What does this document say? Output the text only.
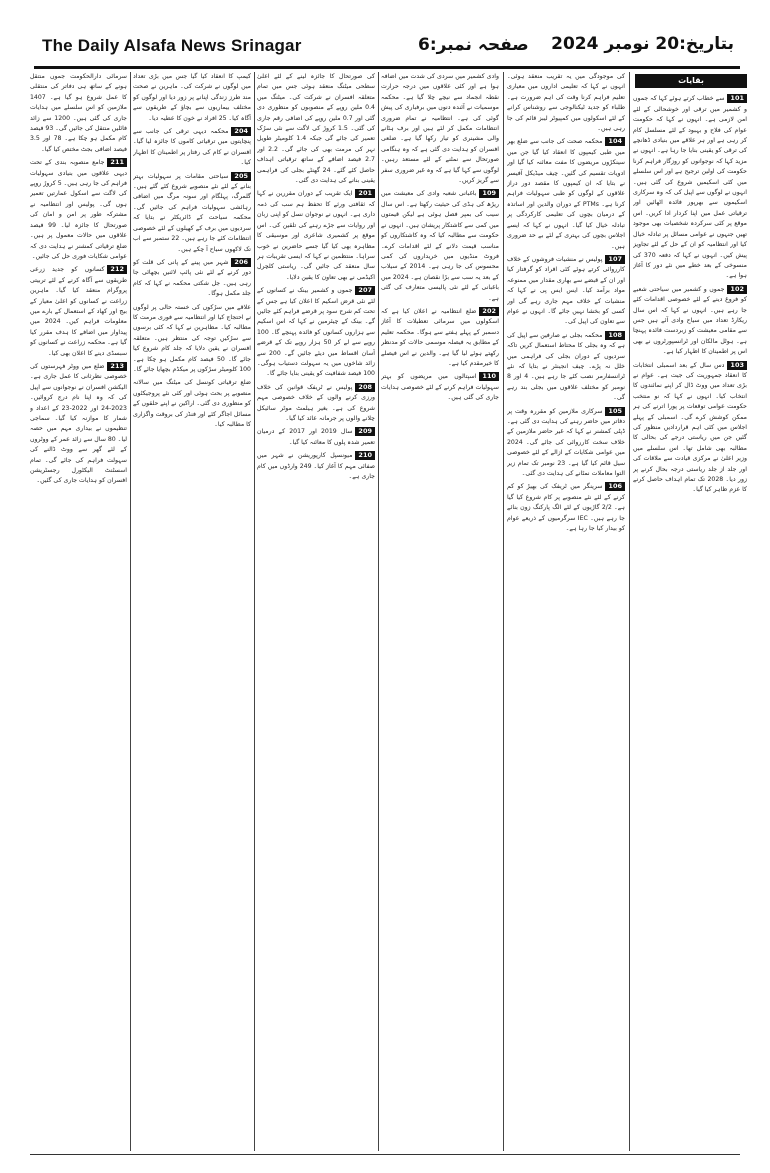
The Daily Alsafa News Srinagar	صفحہ نمبر:6 بتاریخ:20 نومبر 2024
بقایات

101سے خطاب کرتے ہوئے کہا کہ جموں و کشمیر میں ترقی اور خوشحالی کے لئے امن لازمی ہے۔ انہوں نے کہا کہ حکومت عوام کی فلاح و بہبود کے لئے مسلسل کام کر رہی ہے اور ہر علاقے میں بنیادی ڈھانچے کی ترقی کو یقینی بنایا جا رہا ہے۔ انہوں نے مزید کہا کہ نوجوانوں کو روزگار فراہم کرنا حکومت کی اولین ترجیح ہے اور اس سلسلے میں کئی اسکیمیں شروع کی گئی ہیں۔ انہوں نے لوگوں سے اپیل کی کہ وہ سرکاری اسکیموں سے بھرپور فائدہ اٹھائیں اور ترقیاتی عمل میں اپنا کردار ادا کریں۔ اس موقع پر کئی سرکردہ شخصیات بھی موجود تھیں جنہوں نے عوامی مسائل پر تبادلہ خیال کیا اور انتظامیہ کو ان کے حل کے لئے تجاویز پیش کیں۔ انہوں نے کہا کہ دفعہ 370 کی منسوخی کے بعد خطے میں نئے دور کا آغاز ہوا ہے۔

102جموں و کشمیر میں سیاحتی شعبے کو فروغ دینے کے لئے خصوصی اقدامات کئے جا رہے ہیں۔ انہوں نے کہا کہ اس سال ریکارڈ تعداد میں سیاح وادی آئے ہیں جس سے مقامی معیشت کو زبردست فائدہ پہنچا ہے۔ ہوٹل مالکان اور ٹرانسپورٹروں نے بھی اس پر اطمینان کا اظہار کیا ہے۔

103دس سال کے بعد اسمبلی انتخابات کا انعقاد جمہوریت کی جیت ہے۔ عوام نے بڑی تعداد میں ووٹ ڈال کر اپنے نمائندوں کا انتخاب کیا۔ انہوں نے کہا کہ نو منتخب حکومت عوامی توقعات پر پورا اترنے کی ہر ممکن کوشش کرے گی۔ اسمبلی کے پہلے اجلاس میں کئی اہم قراردادیں منظور کی گئیں جن میں ریاستی درجے کی بحالی کا مطالبہ بھی شامل تھا۔ اس سلسلے میں وزیر اعلیٰ نے مرکزی قیادت سے ملاقات کی اور جلد از جلد ریاستی درجہ بحال کرنے پر زور دیا۔ 2028 تک تمام اہداف حاصل کرنے کا عزم ظاہر کیا گیا۔

کی موجودگی میں یہ تقریب منعقد ہوئی۔ انہوں نے کہا کہ تعلیمی اداروں میں معیاری تعلیم فراہم کرنا وقت کی اہم ضرورت ہے۔ طلباء کو جدید ٹیکنالوجی سے روشناس کرانے کے لئے اسکولوں میں کمپیوٹر لیبز قائم کی جا رہی ہیں۔

104محکمہ صحت کی جانب سے ضلع بھر میں طبی کیمپوں کا انعقاد کیا گیا جن میں سینکڑوں مریضوں کا مفت معائنہ کیا گیا اور ادویات تقسیم کی گئیں۔ چیف میڈیکل آفیسر نے بتایا کہ ان کیمپوں کا مقصد دور دراز علاقوں کے لوگوں کو طبی سہولیات فراہم کرنا ہے۔ PTMs کے دوران والدین اور اساتذہ کے درمیان بچوں کی تعلیمی کارکردگی پر تبادلہ خیال کیا گیا۔ انہوں نے کہا کہ ایسے اجلاس بچوں کی بہتری کے لئے بے حد ضروری ہیں۔

107پولیس نے منشیات فروشوں کے خلاف کارروائی کرتے ہوئے کئی افراد کو گرفتار کیا اور ان کے قبضے سے بھاری مقدار میں ممنوعہ مواد برآمد کیا۔ ایس ایس پی نے کہا کہ منشیات کے خلاف مہم جاری رہے گی اور کسی کو بخشا نہیں جائے گا۔ انہوں نے عوام سے تعاون کی اپیل کی۔

108محکمہ بجلی نے صارفین سے اپیل کی ہے کہ وہ بجلی کا محتاط استعمال کریں تاکہ سردیوں کے دوران بجلی کی فراہمی میں خلل نہ پڑے۔ چیف انجینئر نے بتایا کہ نئے ٹرانسفارمر نصب کئے جا رہے ہیں۔ 4 اور 8 نومبر کو مختلف علاقوں میں بجلی بند رہے گی۔

105سرکاری ملازمین کو مقررہ وقت پر دفاتر میں حاضر رہنے کی ہدایت دی گئی ہے۔ ڈپٹی کمشنر نے کہا کہ غیر حاضر ملازمین کے خلاف سخت کارروائی کی جائے گی۔ 2024 میں عوامی شکایات کے ازالے کے لئے خصوصی سیل قائم کیا گیا ہے۔ 23 نومبر تک تمام زیر التوا معاملات نمٹانے کی ہدایت دی گئی۔

106سرینگر میں ٹریفک کی بھیڑ کو کم کرنے کے لئے نئے منصوبے پر کام شروع کیا گیا ہے۔ 2/2 گاڑیوں کے لئے الگ پارکنگ زون بنائے جا رہے ہیں۔ IEC سرگرمیوں کے ذریعے عوام کو بیدار کیا جا رہا ہے۔

وادی کشمیر میں سردی کی شدت میں اضافہ ہوا ہے اور کئی علاقوں میں درجہ حرارت نقطہ انجماد سے نیچے چلا گیا ہے۔ محکمہ موسمیات نے آئندہ دنوں میں برفباری کی پیش گوئی کی ہے۔ انتظامیہ نے تمام ضروری انتظامات مکمل کر لئے ہیں اور برف ہٹانے والی مشینری کو تیار رکھا گیا ہے۔ ضلعی افسران کو ہدایت دی گئی ہے کہ وہ ہنگامی صورتحال سے نمٹنے کے لئے مستعد رہیں۔ لوگوں سے کہا گیا ہے کہ وہ غیر ضروری سفر سے گریز کریں۔

109باغبانی شعبہ وادی کی معیشت میں ریڑھ کی ہڈی کی حیثیت رکھتا ہے۔ اس سال سیب کی بمپر فصل ہوئی ہے لیکن قیمتوں میں کمی سے کاشتکار پریشان ہیں۔ انہوں نے حکومت سے مطالبہ کیا کہ وہ کاشتکاروں کو مناسب قیمت دلانے کے لئے اقدامات کرے۔ فروٹ منڈیوں میں خریداروں کی کمی محسوس کی جا رہی ہے۔ 2014 کے سیلاب کے بعد یہ سب سے بڑا نقصان ہے۔ 2024 میں باغبانی کے لئے نئی پالیسی متعارف کی گئی ہے۔

202ضلع انتظامیہ نے اعلان کیا ہے کہ اسکولوں میں سرمائی تعطیلات کا آغاز دسمبر کے پہلے ہفتے سے ہوگا۔ محکمہ تعلیم کے مطابق یہ فیصلہ موسمی حالات کو مدنظر رکھتے ہوئے لیا گیا ہے۔ والدین نے اس فیصلے کا خیرمقدم کیا ہے۔

110اسپتالوں میں مریضوں کو بہتر سہولیات فراہم کرنے کے لئے خصوصی ہدایات جاری کی گئی ہیں۔

کی صورتحال کا جائزہ لینے کے لئے اعلیٰ سطحی میٹنگ منعقد ہوئی جس میں تمام متعلقہ افسران نے شرکت کی۔ میٹنگ میں 0.4 ملین روپے کے منصوبوں کو منظوری دی گئی اور 0.7 ملین روپے کی اضافی رقم جاری کی گئی۔ 1.5 کروڑ کی لاگت سے نئی سڑک تعمیر کی جائے گی جبکہ 1.4 کلومیٹر طویل نہر کی مرمت بھی کی جائے گی۔ 2.2 اور 2.7 فیصد اضافے کے ساتھ ترقیاتی اہداف حاصل کئے گئے۔ 24 گھنٹے بجلی کی فراہمی یقینی بنانے کی ہدایت دی گئی۔

201ایک تقریب کے دوران مقررین نے کہا کہ ثقافتی ورثے کا تحفظ ہم سب کی ذمہ داری ہے۔ انہوں نے نوجوان نسل کو اپنی زبان اور روایات سے جڑے رہنے کی تلقین کی۔ اس موقع پر کشمیری شاعری اور موسیقی کا مظاہرہ بھی کیا گیا جسے حاضرین نے خوب سراہا۔ منتظمین نے کہا کہ ایسی تقریبات ہر سال منعقد کی جائیں گی۔ ریاستی کلچرل اکیڈمی نے بھی تعاون کا یقین دلایا۔

207جموں و کشمیر بینک نے کسانوں کے لئے نئی قرض اسکیم کا اعلان کیا ہے جس کے تحت کم شرح سود پر قرضے فراہم کئے جائیں گے۔ بینک کے چیئرمین نے کہا کہ اس اسکیم سے ہزاروں کسانوں کو فائدہ پہنچے گا۔ 100 روپے سے لے کر 50 ہزار روپے تک کے قرضے آسان اقساط میں دیئے جائیں گے۔ 200 سے زائد شاخوں میں یہ سہولت دستیاب ہوگی۔ 100 فیصد شفافیت کو یقینی بنایا جائے گا۔

208پولیس نے ٹریفک قوانین کی خلاف ورزی کرنے والوں کے خلاف خصوصی مہم شروع کی ہے۔ بغیر ہیلمٹ موٹر سائیکل چلانے والوں پر جرمانہ عائد کیا گیا۔

209سال 2019 اور 2017 کے درمیان تعمیر شدہ پلوں کا معائنہ کیا گیا۔

210میونسپل کارپوریشن نے شہر میں صفائی مہم کا آغاز کیا۔ 249 وارڈوں میں کام جاری ہے۔

کیمپ کا انعقاد کیا گیا جس میں بڑی تعداد میں لوگوں نے شرکت کی۔ ماہرین نے صحت مند طرز زندگی اپنانے پر زور دیا اور لوگوں کو مختلف بیماریوں سے بچاؤ کے طریقوں سے آگاہ کیا۔ 25 افراد نے خون کا عطیہ دیا۔

204محکمہ دیہی ترقی کی جانب سے پنچایتوں میں ترقیاتی کاموں کا جائزہ لیا گیا۔ افسران نے کام کی رفتار پر اطمینان کا اظہار کیا۔

205سیاحتی مقامات پر سہولیات بہتر بنانے کے لئے نئے منصوبے شروع کئے گئے ہیں۔ گلمرگ، پہلگام اور سونہ مرگ میں اضافی رہائشی سہولیات فراہم کی جائیں گی۔ محکمہ سیاحت کے ڈائریکٹر نے بتایا کہ سردیوں میں برف کے کھیلوں کے لئے خصوصی انتظامات کئے جا رہے ہیں۔ 22 ستمبر سے اب تک لاکھوں سیاح آ چکے ہیں۔

206شہر میں پینے کے پانی کی قلت کو دور کرنے کے لئے نئی پائپ لائنیں بچھائی جا رہی ہیں۔ جل شکتی محکمہ نے کہا کہ کام جلد مکمل ہوگا۔

علاقے میں سڑکوں کی خستہ حالی پر لوگوں نے احتجاج کیا اور انتظامیہ سے فوری مرمت کا مطالبہ کیا۔ مظاہرین نے کہا کہ کئی برسوں سے سڑکیں توجہ کی منتظر ہیں۔ متعلقہ افسران نے یقین دلایا کہ جلد کام شروع کیا جائے گا۔ 50 فیصد کام مکمل ہو چکا ہے۔ 100 کلومیٹر سڑکوں پر میکڈم بچھایا جائے گا۔

ضلع ترقیاتی کونسل کی میٹنگ میں سالانہ منصوبے پر بحث ہوئی اور کئی نئے پروجیکٹوں کو منظوری دی گئی۔ اراکین نے اپنے حلقوں کے مسائل اجاگر کئے اور فنڈز کی بروقت واگزاری کا مطالبہ کیا۔

سرمائی دارالحکومت جموں منتقل ہونے کے ساتھ ہی دفاتر کی منتقلی کا عمل شروع ہو گیا ہے۔ 1407 ملازمین کو اس سلسلے میں ہدایات جاری کی گئی ہیں۔ 1200 سے زائد فائلیں منتقل کی جائیں گی۔ 93 فیصد کام مکمل ہو چکا ہے۔ 78 اور 3.5 فیصد اضافی بجٹ مختص کیا گیا۔

211جامع منصوبہ بندی کے تحت دیہی علاقوں میں بنیادی سہولیات فراہم کی جا رہی ہیں۔ 5 کروڑ روپے کی لاگت سے اسکول عمارتیں تعمیر ہوں گی۔ پولیس اور انتظامیہ نے مشترکہ طور پر امن و امان کی صورتحال کا جائزہ لیا۔ 99 فیصد علاقوں میں حالات معمول پر ہیں۔ ضلع ترقیاتی کمشنر نے ہدایت دی کہ عوامی شکایات فوری حل کی جائیں۔

212کسانوں کو جدید زرعی طریقوں سے آگاہ کرنے کے لئے تربیتی پروگرام منعقد کیا گیا۔ ماہرین زراعت نے کسانوں کو اعلیٰ معیار کے بیج اور کھاد کے استعمال کے بارے میں معلومات فراہم کیں۔ 2024 میں پیداوار میں اضافے کا ہدف مقرر کیا گیا ہے۔ محکمہ زراعت نے کسانوں کو سبسڈی دینے کا اعلان بھی کیا۔

213ضلع میں ووٹر فہرستوں کی خصوصی نظرثانی کا عمل جاری ہے۔ الیکشن افسران نے نوجوانوں سے اپیل کی کہ وہ اپنا نام درج کروائیں۔ 2023-24 اور 2022-23 کے اعداد و شمار کا موازنہ کیا گیا۔ سماجی تنظیموں نے بیداری مہم میں حصہ لیا۔ 80 سال سے زائد عمر کے ووٹروں کے لئے گھر سے ووٹ ڈالنے کی سہولت فراہم کی جائے گی۔ تمام اسسٹنٹ الیکٹورل رجسٹریشن افسران کو ہدایات جاری کی گئیں۔
